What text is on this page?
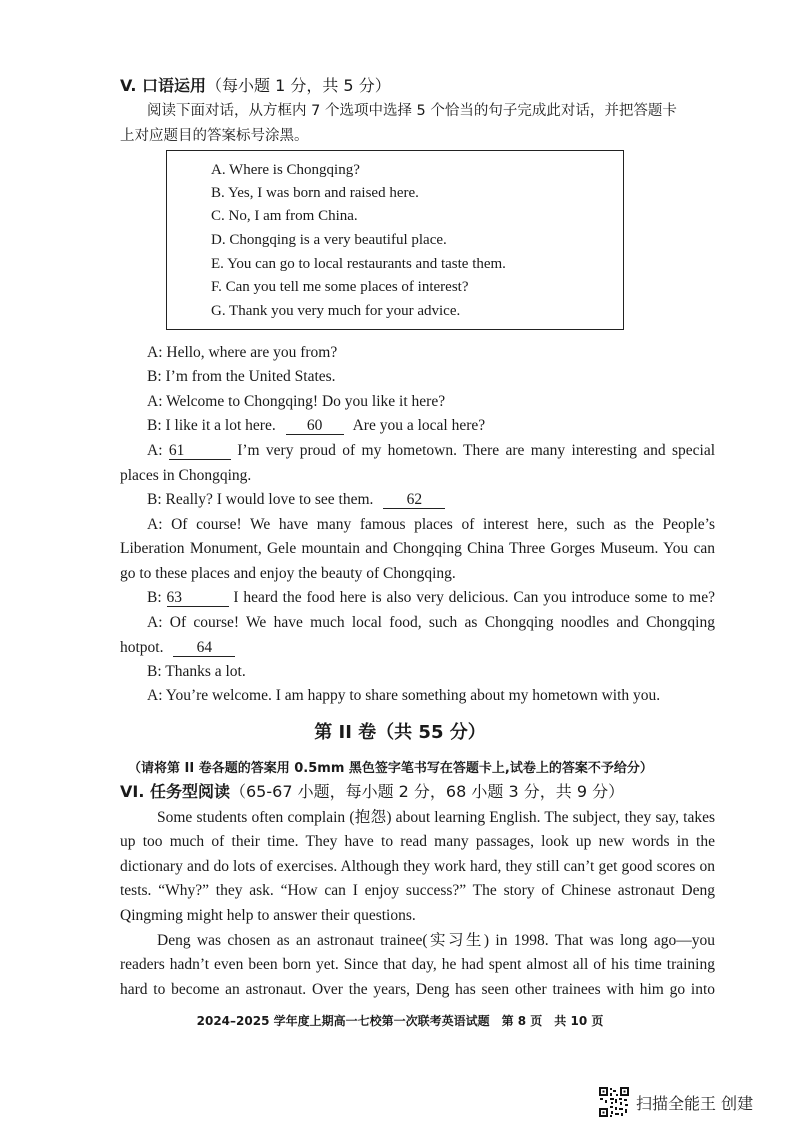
V. 口语运用（每小题 1 分，共 5 分）
阅读下面对话，从方框内 7 个选项中选择 5 个恰当的句子完成此对话，并把答题卡
上对应题目的答案标号涂黑。
A. Where is Chongqing?
B. Yes, I was born and raised here.
C. No, I am from China.
D. Chongqing is a very beautiful place.
E. You can go to local restaurants and taste them.
F. Can you tell me some places of interest?
G. Thank you very much for your advice.
A: Hello, where are you from?
B: I’m from the United States.
A: Welcome to Chongqing! Do you like it here?
B: I like it a lot here. 60 Are you a local here?
A: 61	I’m very proud of my hometown. There are many interesting and special
places in Chongqing.
B: Really? I would love to see them. 62
A: Of course! We have many famous places of interest here, such as the People’s
Liberation Monument, Gele mountain and Chongqing China Three Gorges Museum. You can
go to these places and enjoy the beauty of Chongqing.
B: 63	I heard the food here is also very delicious. Can you introduce some to me?
A: Of course! We have much local food, such as Chongqing noodles and Chongqing
hotpot. 64
B: Thanks a lot.
A: You’re welcome. I am happy to share something about my hometown with you.
第 II 卷（共 55 分）
（请将第 II 卷各题的答案用 0.5mm 黑色签字笔书写在答题卡上,试卷上的答案不予给分）
VI. 任务型阅读（65-67 小题，每小题 2 分，68 小题 3 分，共 9 分）
Some students often complain (抱怨) about learning English. The subject, they say, takes
up too much of their time. They have to read many passages, look up new words in the
dictionary and do lots of exercises. Although they work hard, they still can’t get good scores on
tests. “Why?” they ask. “How can I enjoy success?” The story of Chinese astronaut Deng
Qingming might help to answer their questions.
Deng was chosen as an astronaut trainee(实习生) in 1998. That was long ago—you
readers hadn’t even been born yet. Since that day, he had spent almost all of his time training
hard to become an astronaut. Over the years, Deng has seen other trainees with him go into
2024–2025 学年度上期高一七校第一次联考英语试题　第 8 页　共 10 页
扫描全能王 创建
